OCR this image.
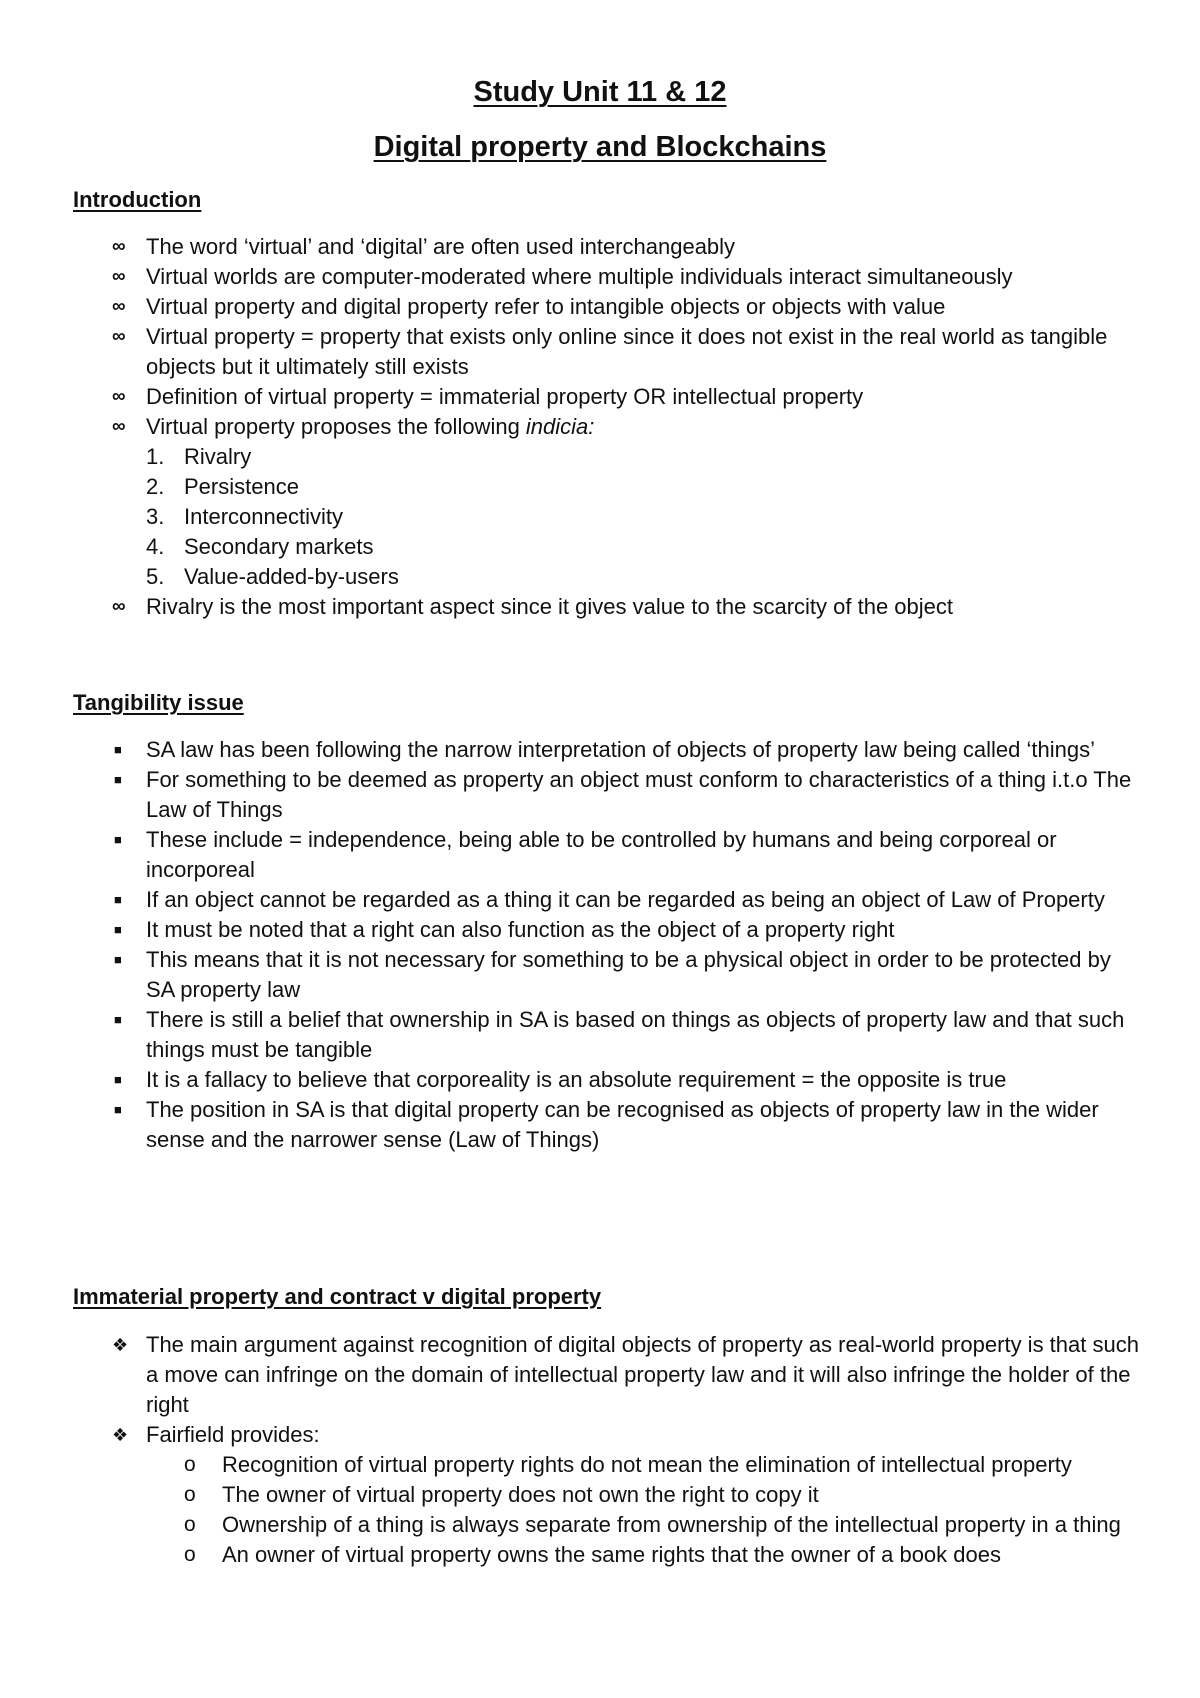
Study Unit 11 & 12
Digital property and Blockchains
Introduction
∞ The word ‘virtual’ and ‘digital’ are often used interchangeably
∞ Virtual worlds are computer-moderated where multiple individuals interact simultaneously
∞ Virtual property and digital property refer to intangible objects or objects with value
∞ Virtual property = property that exists only online since it does not exist in the real world as tangible objects but it ultimately still exists
∞ Definition of virtual property = immaterial property OR intellectual property
∞ Virtual property proposes the following indicia:
1. Rivalry
2. Persistence
3. Interconnectivity
4. Secondary markets
5. Value-added-by-users
∞ Rivalry is the most important aspect since it gives value to the scarcity of the object
Tangibility issue
■	SA law has been following the narrow interpretation of objects of property law being called ‘things’
■	For something to be deemed as property an object must conform to characteristics of a thing i.t.o The Law of Things
■	These include = independence, being able to be controlled by humans and being corporeal or incorporeal
■	If an object cannot be regarded as a thing it can be regarded as being an object of Law of Property
■	It must be noted that a right can also function as the object of a property right
■	This means that it is not necessary for something to be a physical object in order to be protected by SA property law
■	There is still a belief that ownership in SA is based on things as objects of property law and that such things must be tangible
■	It is a fallacy to believe that corporeality is an absolute requirement = the opposite is true
■	The position in SA is that digital property can be recognised as objects of property law in the wider sense and the narrower sense (Law of Things)
Immaterial property and contract v digital property
❖ The main argument against recognition of digital objects of property as real-world property is that such a move can infringe on the domain of intellectual property law and it will also infringe the holder of the right
❖ Fairfield provides:
o Recognition of virtual property rights do not mean the elimination of intellectual property
o The owner of virtual property does not own the right to copy it
o Ownership of a thing is always separate from ownership of the intellectual property in a thing
o An owner of virtual property owns the same rights that the owner of a book does
